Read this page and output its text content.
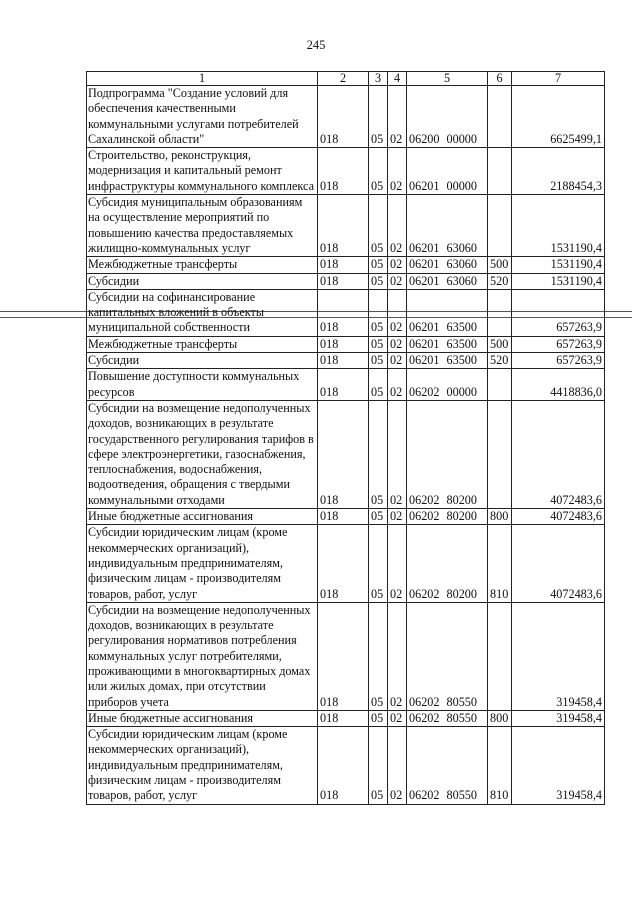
245
1	2	3	4	5	6	7
Подпрограмма "Создание условий для обеспечения качественными коммунальными услугами потребителей Сахалинской области"	018	05	02	06200 00000		6625499,1
Строительство, реконструкция, модернизация и капитальный ремонт инфраструктуры коммунального комплекса	018	05	02	06201 00000		2188454,3
Субсидия муниципальным образованиям на осуществление мероприятий по повышению качества предоставляемых жилищно-коммунальных услуг	018	05	02	06201 63060		1531190,4
Межбюджетные трансферты	018	05	02	06201 63060	500	1531190,4
Субсидии	018	05	02	06201 63060	520	1531190,4
Субсидии на софинансирование капитальных вложений в объекты муниципальной собственности	018	05	02	06201 63500		657263,9
Межбюджетные трансферты	018	05	02	06201 63500	500	657263,9
Субсидии	018	05	02	06201 63500	520	657263,9
Повышение доступности коммунальных ресурсов	018	05	02	06202 00000		4418836,0
Субсидии на возмещение недополученных доходов, возникающих в результате государственного регулирования тарифов в сфере электроэнергетики, газоснабжения, теплоснабжения, водоснабжения, водоотведения, обращения с твердыми коммунальными отходами	018	05	02	06202 80200		4072483,6
Иные бюджетные ассигнования	018	05	02	06202 80200	800	4072483,6
Субсидии юридическим лицам (кроме некоммерческих организаций), индивидуальным предпринимателям, физическим лицам - производителям товаров, работ, услуг	018	05	02	06202 80200	810	4072483,6
Субсидии на возмещение недополученных доходов, возникающих в результате регулирования нормативов потребления коммунальных услуг потребителями, проживающими в многоквартирных домах или жилых домах, при отсутствии приборов учета	018	05	02	06202 80550		319458,4
Иные бюджетные ассигнования	018	05	02	06202 80550	800	319458,4
Субсидии юридическим лицам (кроме некоммерческих организаций), индивидуальным предпринимателям, физическим лицам - производителям товаров, работ, услуг	018	05	02	06202 80550	810	319458,4
